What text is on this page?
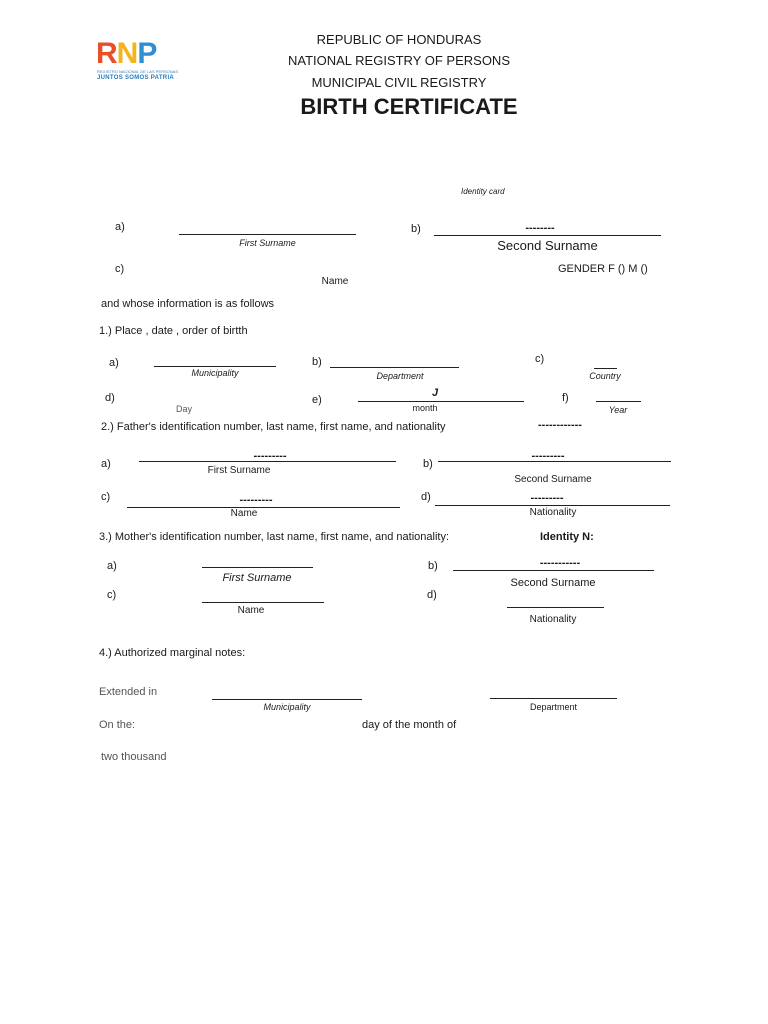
RNP
REGISTRO NACIONAL DE LAS PERSONAS
JUNTOS SOMOS PATRIA
REPUBLIC OF HONDURAS
NATIONAL REGISTRY OF PERSONS
MUNICIPAL CIVIL REGISTRY
BIRTH CERTIFICATE
Identity card
a)
First Surname
b)	--------
Second Surname
c)	GENDER F () M ()
Name
and whose information is as follows
1.) Place , date , order of birtth
a)
Municipality
b)
Department
c)
Country
d)
Day
e)
J
month
f)
Year
2.) Father's identification number, last name, first name, and nationality	------------
a)
---------
First Surname
b)
---------
Second Surname
c)	---------
Name
d)	---------
Nationality
3.) Mother's identification number, last name, first name, and nationality:	Identity N:
a)
First Surname
b)	-----------
Second Surname
c)
Name
d)
Nationality
4.) Authorized marginal notes:
Extended in
Municipality	Department
On the:	day of the month of
two thousand
